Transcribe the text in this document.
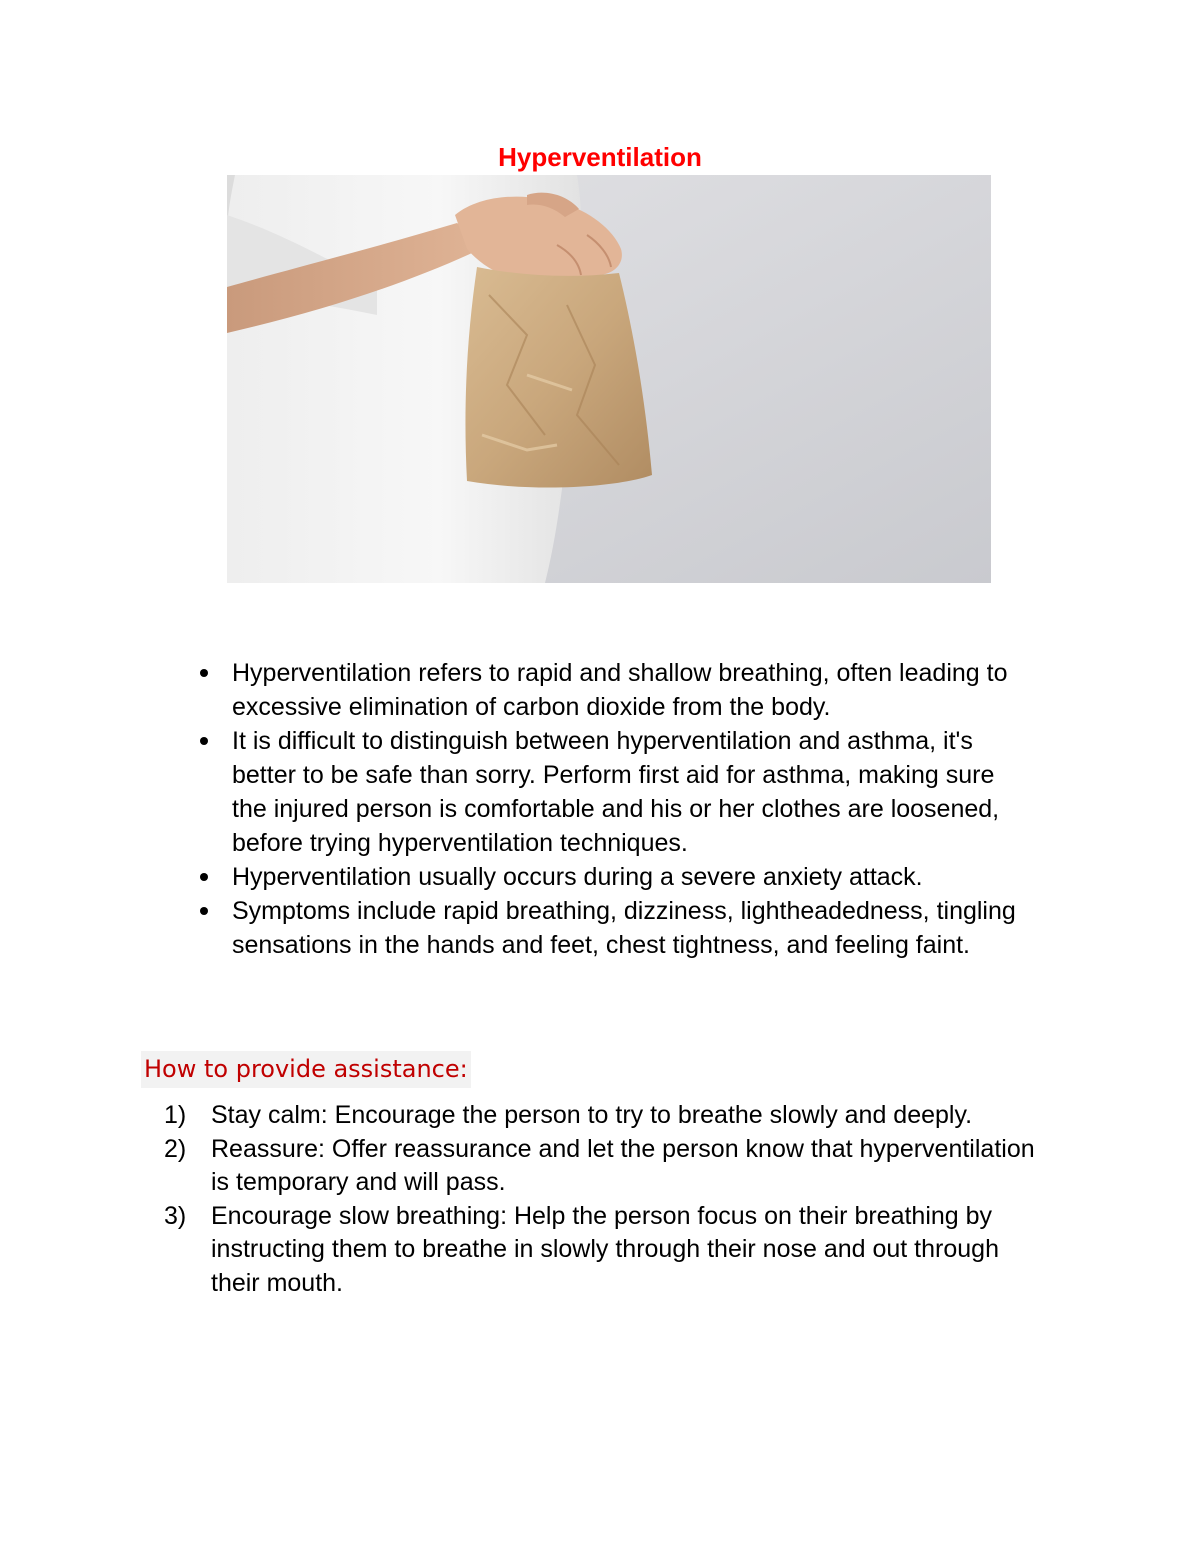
Hyperventilation
Hyperventilation refers to rapid and shallow breathing, often leading to excessive elimination of carbon dioxide from the body.
It is difficult to distinguish between hyperventilation and asthma, it's better to be safe than sorry. Perform first aid for asthma, making sure the injured person is comfortable and his or her clothes are loosened, before trying hyperventilation techniques.
Hyperventilation usually occurs during a severe anxiety attack.
Symptoms include rapid breathing, dizziness, lightheadedness, tingling sensations in the hands and feet, chest tightness, and feeling faint.
How to provide assistance:
1) Stay calm: Encourage the person to try to breathe slowly and deeply.
2) Reassure: Offer reassurance and let the person know that hyperventilation is temporary and will pass.
3) Encourage slow breathing: Help the person focus on their breathing by instructing them to breathe in slowly through their nose and out through their mouth.
